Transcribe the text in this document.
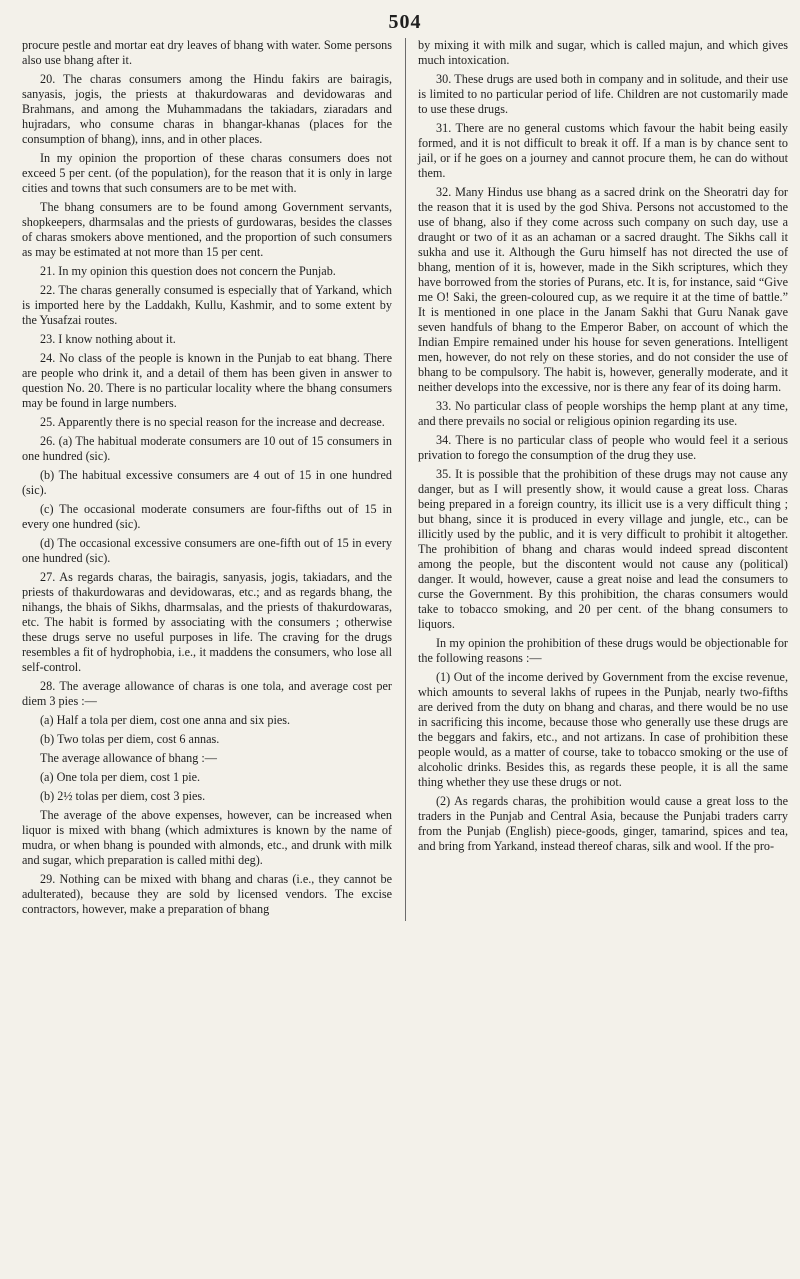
504

procure pestle and mortar eat dry leaves of bhang with water. Some persons also use bhang after it.

20. The charas consumers among the Hindu fakirs are bairagis, sanyasis, jogis, the priests at thakurdowaras and devidowaras and Brahmans, and among the Muhammadans the takiadars, ziaradars and hujradars, who consume charas in bhangar-khanas (places for the consumption of bhang), inns, and in other places.

In my opinion the proportion of these charas consumers does not exceed 5 per cent. (of the population), for the reason that it is only in large cities and towns that such consumers are to be met with.

The bhang consumers are to be found among Government servants, shopkeepers, dharmsalas and the priests of gurdowaras, besides the classes of charas smokers above mentioned, and the proportion of such consumers as may be estimated at not more than 15 per cent.

21. In my opinion this question does not concern the Punjab.

22. The charas generally consumed is especially that of Yarkand, which is imported here by the Laddakh, Kullu, Kashmir, and to some extent by the Yusafzai routes.

23. I know nothing about it.

24. No class of the people is known in the Punjab to eat bhang. There are people who drink it, and a detail of them has been given in answer to question No. 20. There is no particular locality where the bhang consumers may be found in large numbers.

25. Apparently there is no special reason for the increase and decrease.

26. (a) The habitual moderate consumers are 10 out of 15 consumers in one hundred (sic).

(b) The habitual excessive consumers are 4 out of 15 in one hundred (sic).

(c) The occasional moderate consumers are four-fifths out of 15 in every one hundred (sic).

(d) The occasional excessive consumers are one-fifth out of 15 in every one hundred (sic).

27. As regards charas, the bairagis, sanyasis, jogis, takiadars, and the priests of thakurdowaras and devidowaras, etc.; and as regards bhang, the nihangs, the bhais of Sikhs, dharmsalas, and the priests of thakurdowaras, etc. The habit is formed by associating with the consumers ; otherwise these drugs serve no useful purposes in life. The craving for the drugs resembles a fit of hydrophobia, i.e., it maddens the consumers, who lose all self-control.

28. The average allowance of charas is one tola, and average cost per diem 3 pies :—

(a) Half a tola per diem, cost one anna and six pies.

(b) Two tolas per diem, cost 6 annas.

The average allowance of bhang :—

(a) One tola per diem, cost 1 pie.

(b) 2½ tolas per diem, cost 3 pies.

The average of the above expenses, however, can be increased when liquor is mixed with bhang (which admixtures is known by the name of mudra, or when bhang is pounded with almonds, etc., and drunk with milk and sugar, which preparation is called mithi deg).

29. Nothing can be mixed with bhang and charas (i.e., they cannot be adulterated), because they are sold by licensed vendors. The excise contractors, however, make a preparation of bhang

by mixing it with milk and sugar, which is called majun, and which gives much intoxication.

30. These drugs are used both in company and in solitude, and their use is limited to no particular period of life. Children are not customarily made to use these drugs.

31. There are no general customs which favour the habit being easily formed, and it is not difficult to break it off. If a man is by chance sent to jail, or if he goes on a journey and cannot procure them, he can do without them.

32. Many Hindus use bhang as a sacred drink on the Sheoratri day for the reason that it is used by the god Shiva. Persons not accustomed to the use of bhang, also if they come across such company on such day, use a draught or two of it as an achaman or a sacred draught. The Sikhs call it sukha and use it. Although the Guru himself has not directed the use of bhang, mention of it is, however, made in the Sikh scriptures, which they have borrowed from the stories of Purans, etc. It is, for instance, said “Give me O! Saki, the green-coloured cup, as we require it at the time of battle.” It is mentioned in one place in the Janam Sakhi that Guru Nanak gave seven handfuls of bhang to the Emperor Baber, on account of which the Indian Empire remained under his house for seven generations. Intelligent men, however, do not rely on these stories, and do not consider the use of bhang to be compulsory. The habit is, however, generally moderate, and it neither develops into the excessive, nor is there any fear of its doing harm.

33. No particular class of people worships the hemp plant at any time, and there prevails no social or religious opinion regarding its use.

34. There is no particular class of people who would feel it a serious privation to forego the consumption of the drug they use.

35. It is possible that the prohibition of these drugs may not cause any danger, but as I will presently show, it would cause a great loss. Charas being prepared in a foreign country, its illicit use is a very difficult thing ; but bhang, since it is produced in every village and jungle, etc., can be illicitly used by the public, and it is very difficult to prohibit it altogether. The prohibition of bhang and charas would indeed spread discontent among the people, but the discontent would not cause any (political) danger. It would, however, cause a great noise and lead the consumers to curse the Government. By this prohibition, the charas consumers would take to tobacco smoking, and 20 per cent. of the bhang consumers to liquors.

In my opinion the prohibition of these drugs would be objectionable for the following reasons :—

(1) Out of the income derived by Government from the excise revenue, which amounts to several lakhs of rupees in the Punjab, nearly two-fifths are derived from the duty on bhang and charas, and there would be no use in sacrificing this income, because those who generally use these drugs are the beggars and fakirs, etc., and not artizans. In case of prohibition these people would, as a matter of course, take to tobacco smoking or the use of alcoholic drinks. Besides this, as regards these people, it is all the same thing whether they use these drugs or not.

(2) As regards charas, the prohibition would cause a great loss to the traders in the Punjab and Central Asia, because the Punjabi traders carry from the Punjab (English) piece-goods, ginger, tamarind, spices and tea, and bring from Yarkand, instead thereof charas, silk and wool. If the pro-
